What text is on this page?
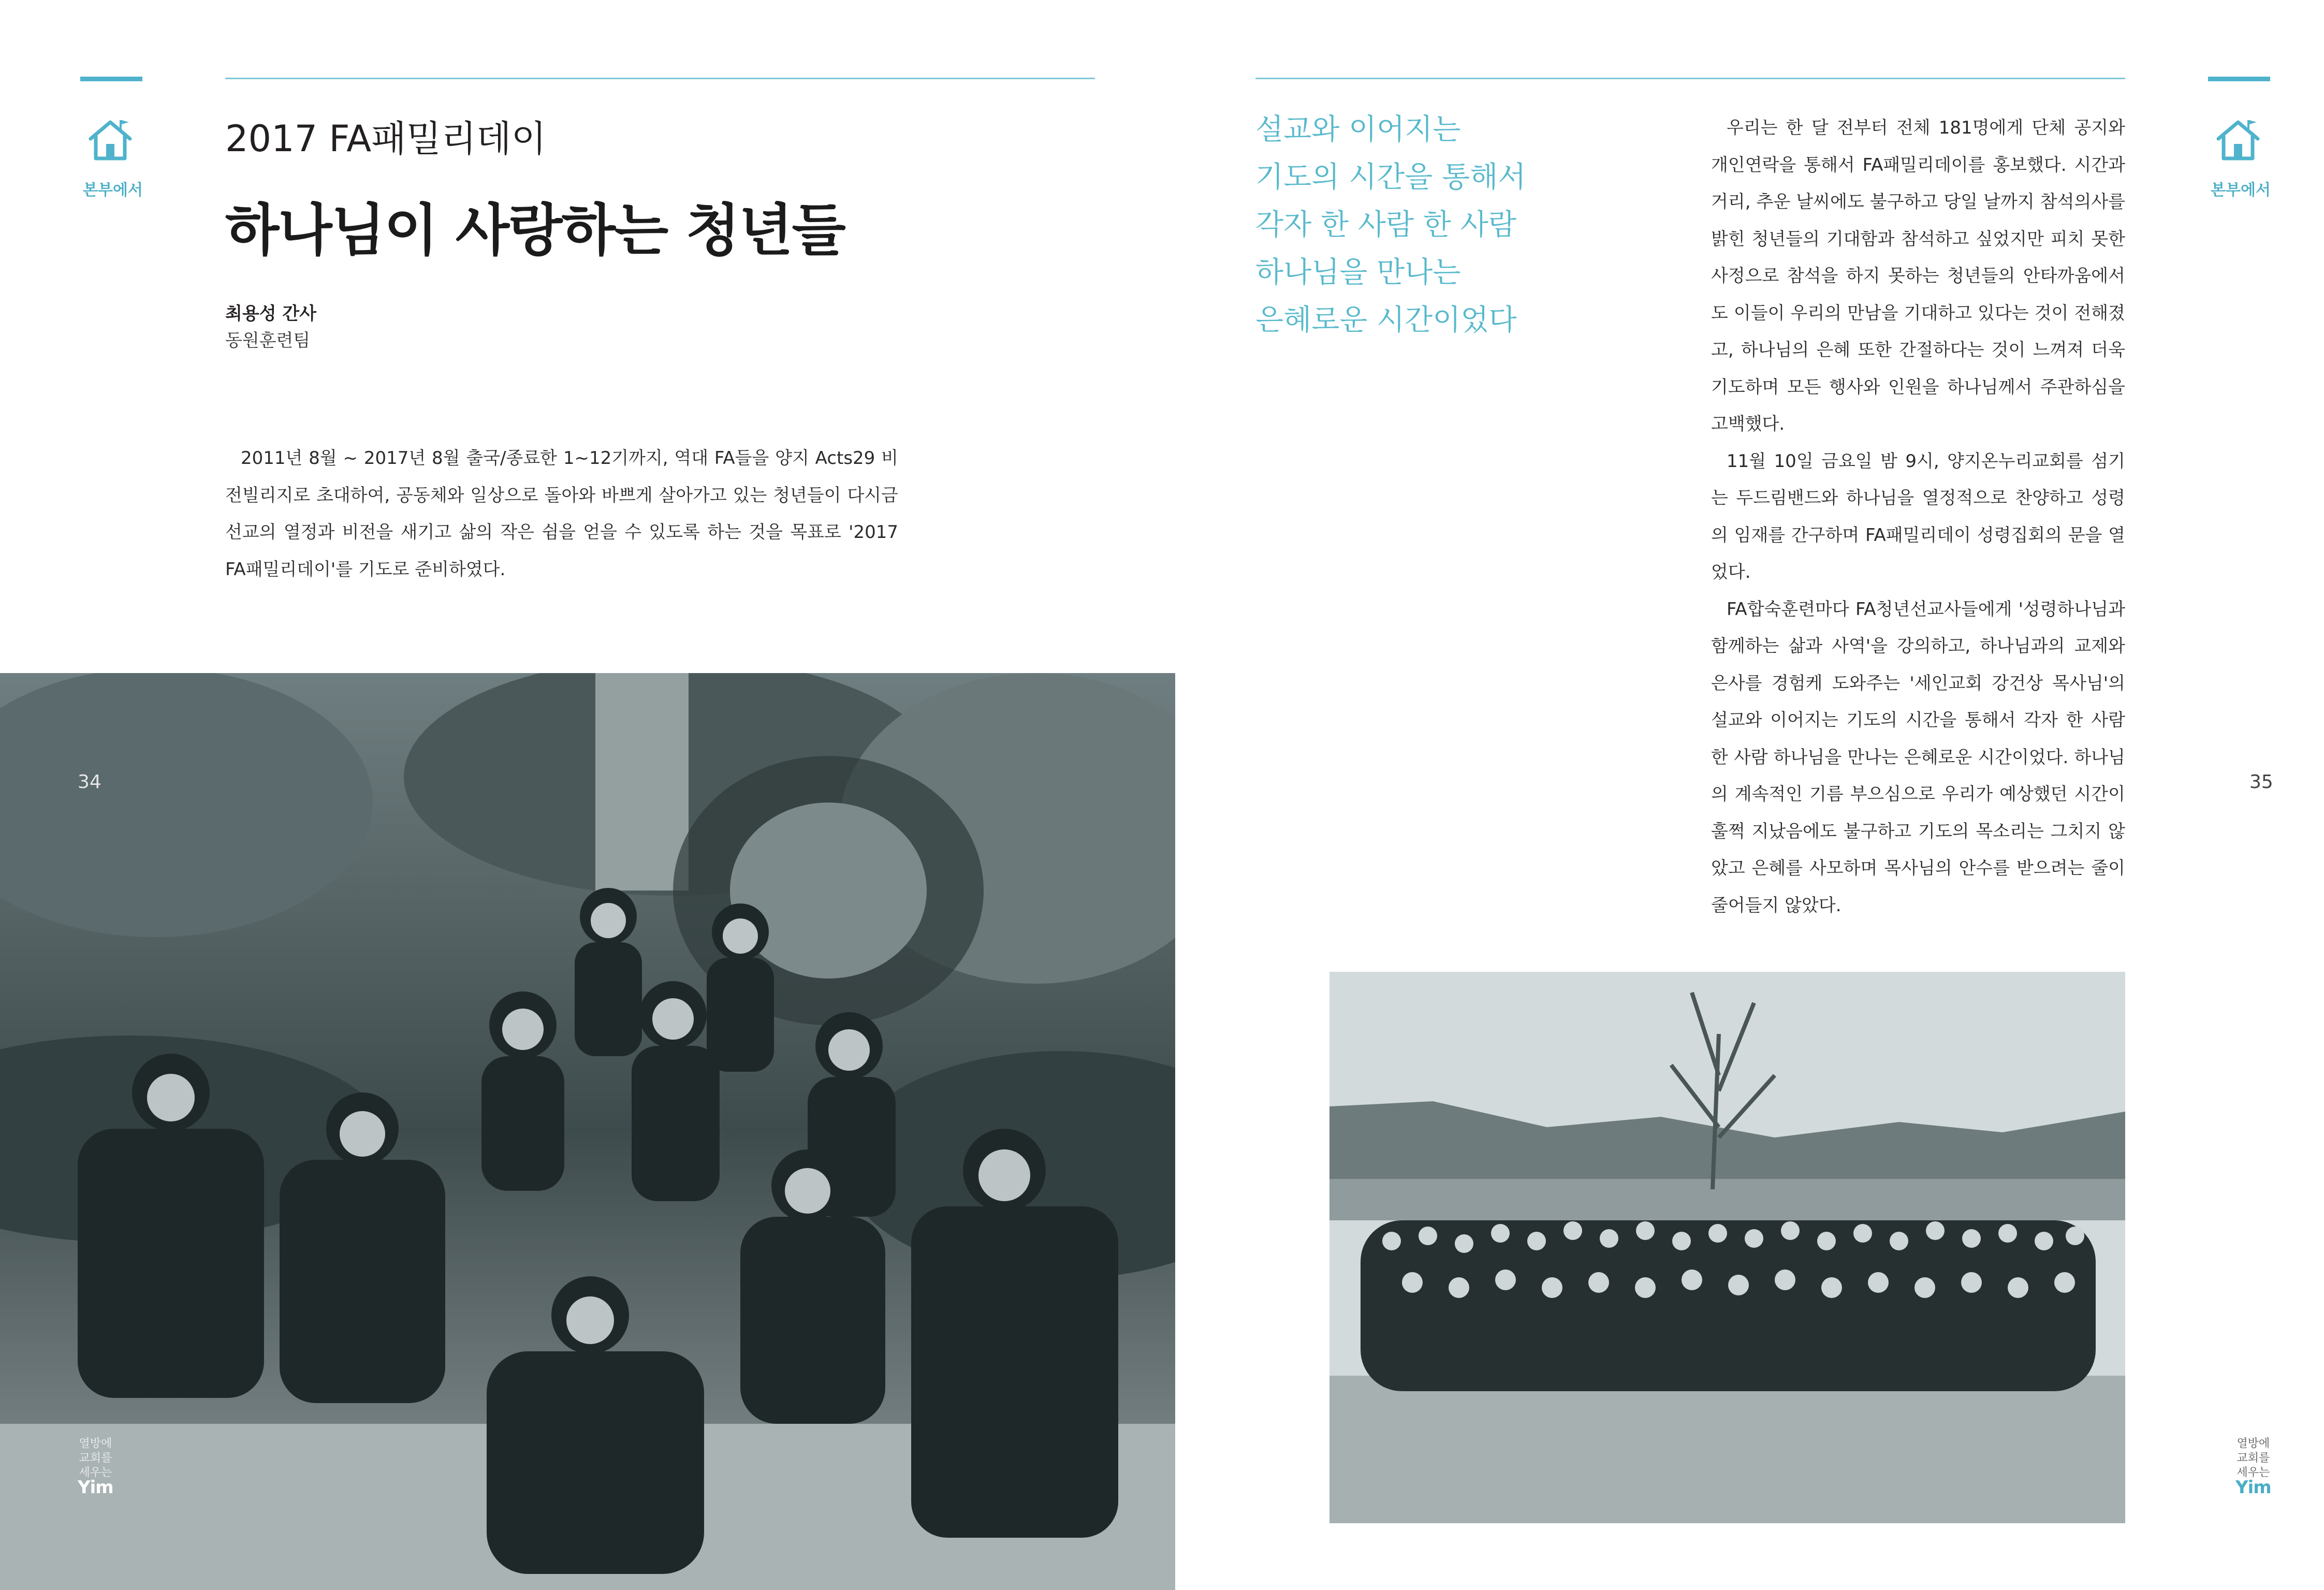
본부에서
2017 FA패밀리데이
하나님이 사랑하는 청년들
최용성 간사
동원훈련팀

2011년 8월 ~ 2017년 8월 출국/종료한 1~12기까지, 역대 FA들을 양지 Acts29 비전빌리지로 초대하여, 공동체와 일상으로 돌아와 바쁘게 살아가고 있는 청년들이 다시금 선교의 열정과 비전을 새기고 삶의 작은 쉼을 얻을 수 있도록 하는 것을 목표로 '2017 FA패밀리데이'를 기도로 준비하였다.

34
열방에
교회를
세우는
Yim
본부에서
설교와 이어지는
기도의 시간을 통해서
각자 한 사람 한 사람
하나님을 만나는
은혜로운 시간이었다

우리는 한 달 전부터 전체 181명에게 단체 공지와 개인연락을 통해서 FA패밀리데이를 홍보했다. 시간과 거리, 추운 날씨에도 불구하고 당일 날까지 참석의사를 밝힌 청년들의 기대함과 참석하고 싶었지만 피치 못한 사정으로 참석을 하지 못하는 청년들의 안타까움에서도 이들이 우리의 만남을 기대하고 있다는 것이 전해졌고, 하나님의 은혜 또한 간절하다는 것이 느껴져 더욱 기도하며 모든 행사와 인원을 하나님께서 주관하심을 고백했다.

11월 10일 금요일 밤 9시, 양지온누리교회를 섬기는 두드림밴드와 하나님을 열정적으로 찬양하고 성령의 임재를 간구하며 FA패밀리데이 성령집회의 문을 열었다.

FA합숙훈련마다 FA청년선교사들에게 '성령하나님과 함께하는 삶과 사역'을 강의하고, 하나님과의 교제와 은사를 경험케 도와주는 '세인교회 강건상 목사님'의 설교와 이어지는 기도의 시간을 통해서 각자 한 사람 한 사람 하나님을 만나는 은혜로운 시간이었다. 하나님의 계속적인 기름 부으심으로 우리가 예상했던 시간이 훌쩍 지났음에도 불구하고 기도의 목소리는 그치지 않았고 은혜를 사모하며 목사님의 안수를 받으려는 줄이 줄어들지 않았다.

35
열방에
교회를
세우는
Yim
